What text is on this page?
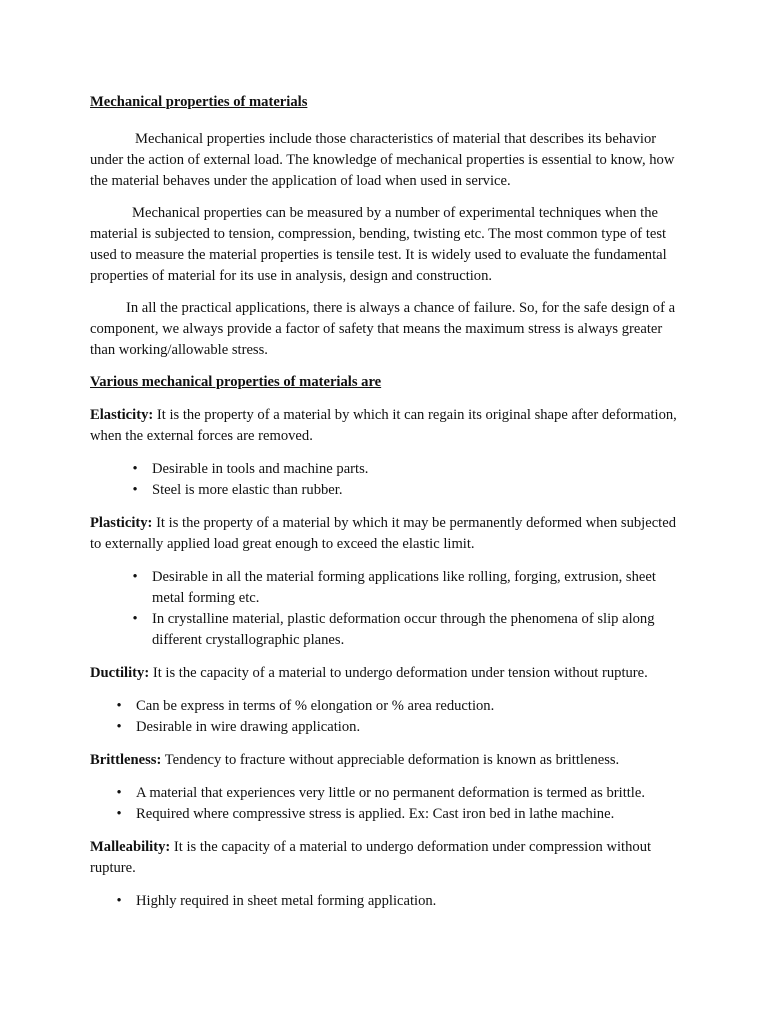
Mechanical properties of materials

Mechanical properties include those characteristics of material that describes its behavior under the action of external load. The knowledge of mechanical properties is essential to know, how the material behaves under the application of load when used in service.

Mechanical properties can be measured by a number of experimental techniques when the material is subjected to tension, compression, bending, twisting etc. The most common type of test used to measure the material properties is tensile test. It is widely used to evaluate the fundamental properties of material for its use in analysis, design and construction.

In all the practical applications, there is always a chance of failure. So, for the safe design of a component, we always provide a factor of safety that means the maximum stress is always greater than working/allowable stress.

Various mechanical properties of materials are

Elasticity: It is the property of a material by which it can regain its original shape after deformation, when the external forces are removed.

• Desirable in tools and machine parts.
• Steel is more elastic than rubber.

Plasticity: It is the property of a material by which it may be permanently deformed when subjected to externally applied load great enough to exceed the elastic limit.

• Desirable in all the material forming applications like rolling, forging, extrusion, sheet metal forming etc.
• In crystalline material, plastic deformation occur through the phenomena of slip along different crystallographic planes.

Ductility: It is the capacity of a material to undergo deformation under tension without rupture.

• Can be express in terms of % elongation or % area reduction.
• Desirable in wire drawing application.

Brittleness: Tendency to fracture without appreciable deformation is known as brittleness.

• A material that experiences very little or no permanent deformation is termed as brittle.
• Required where compressive stress is applied. Ex: Cast iron bed in lathe machine.

Malleability: It is the capacity of a material to undergo deformation under compression without rupture.

• Highly required in sheet metal forming application.
